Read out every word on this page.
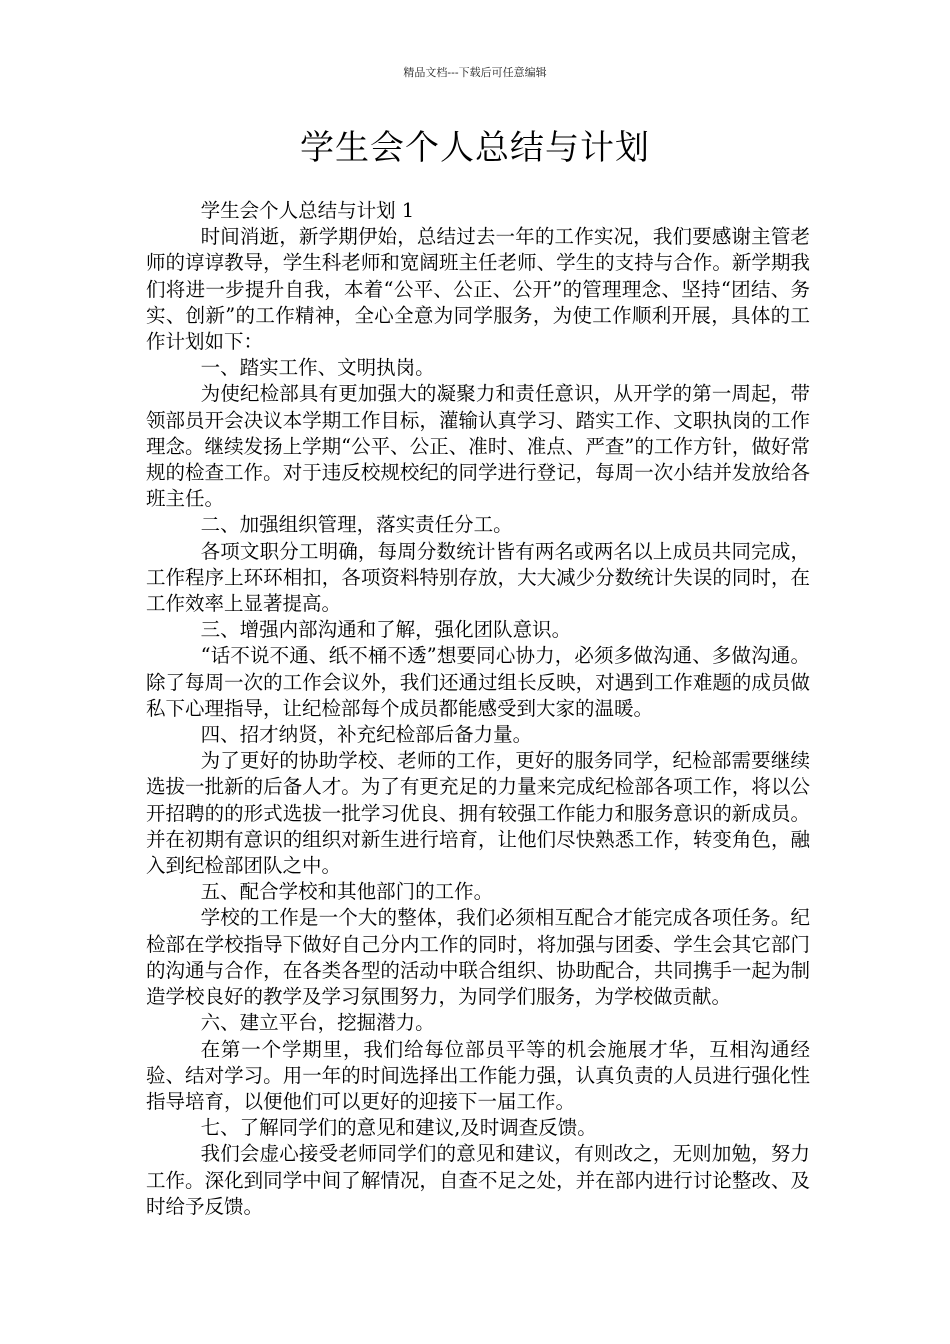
精品文档---下载后可任意编辑
学生会个人总结与计划

学生会个人总结与计划 1

时间消逝，新学期伊始，总结过去一年的工作实况，我们要感谢主管老师的谆谆教导，学生科老师和宽阔班主任老师、学生的支持与合作。新学期我们将进一步提升自我，本着“公平、公正、公开”的管理理念、坚持“团结、务实、创新”的工作精神，全心全意为同学服务，为使工作顺利开展，具体的工作计划如下：

一、踏实工作、文明执岗。

为使纪检部具有更加强大的凝聚力和责任意识，从开学的第一周起，带领部员开会决议本学期工作目标，灌输认真学习、踏实工作、文职执岗的工作理念。继续发扬上学期“公平、公正、准时、准点、严查”的工作方针，做好常规的检查工作。对于违反校规校纪的同学进行登记，每周一次小结并发放给各班主任。

二、加强组织管理，落实责任分工。

各项文职分工明确，每周分数统计皆有两名或两名以上成员共同完成，工作程序上环环相扣，各项资料特别存放，大大减少分数统计失误的同时，在工作效率上显著提高。

三、增强内部沟通和了解，强化团队意识。

“话不说不通、纸不桶不透”想要同心协力，必须多做沟通、多做沟通。除了每周一次的工作会议外，我们还通过组长反映，对遇到工作难题的成员做私下心理指导，让纪检部每个成员都能感受到大家的温暖。

四、招才纳贤，补充纪检部后备力量。

为了更好的协助学校、老师的工作，更好的服务同学，纪检部需要继续选拔一批新的后备人才。为了有更充足的力量来完成纪检部各项工作，将以公开招聘的的形式选拔一批学习优良、拥有较强工作能力和服务意识的新成员。并在初期有意识的组织对新生进行培育，让他们尽快熟悉工作，转变角色，融入到纪检部团队之中。

五、配合学校和其他部门的工作。

学校的工作是一个大的整体，我们必须相互配合才能完成各项任务。纪检部在学校指导下做好自己分内工作的同时，将加强与团委、学生会其它部门的沟通与合作，在各类各型的活动中联合组织、协助配合，共同携手一起为制造学校良好的教学及学习氛围努力，为同学们服务，为学校做贡献。

六、建立平台，挖掘潜力。

在第一个学期里，我们给每位部员平等的机会施展才华，互相沟通经验、结对学习。用一年的时间选择出工作能力强，认真负责的人员进行强化性指导培育，以便他们可以更好的迎接下一届工作。

七、了解同学们的意见和建议,及时调查反馈。

我们会虚心接受老师同学们的意见和建议，有则改之，无则加勉，努力工作。深化到同学中间了解情况，自查不足之处，并在部内进行讨论整改、及时给予反馈。
